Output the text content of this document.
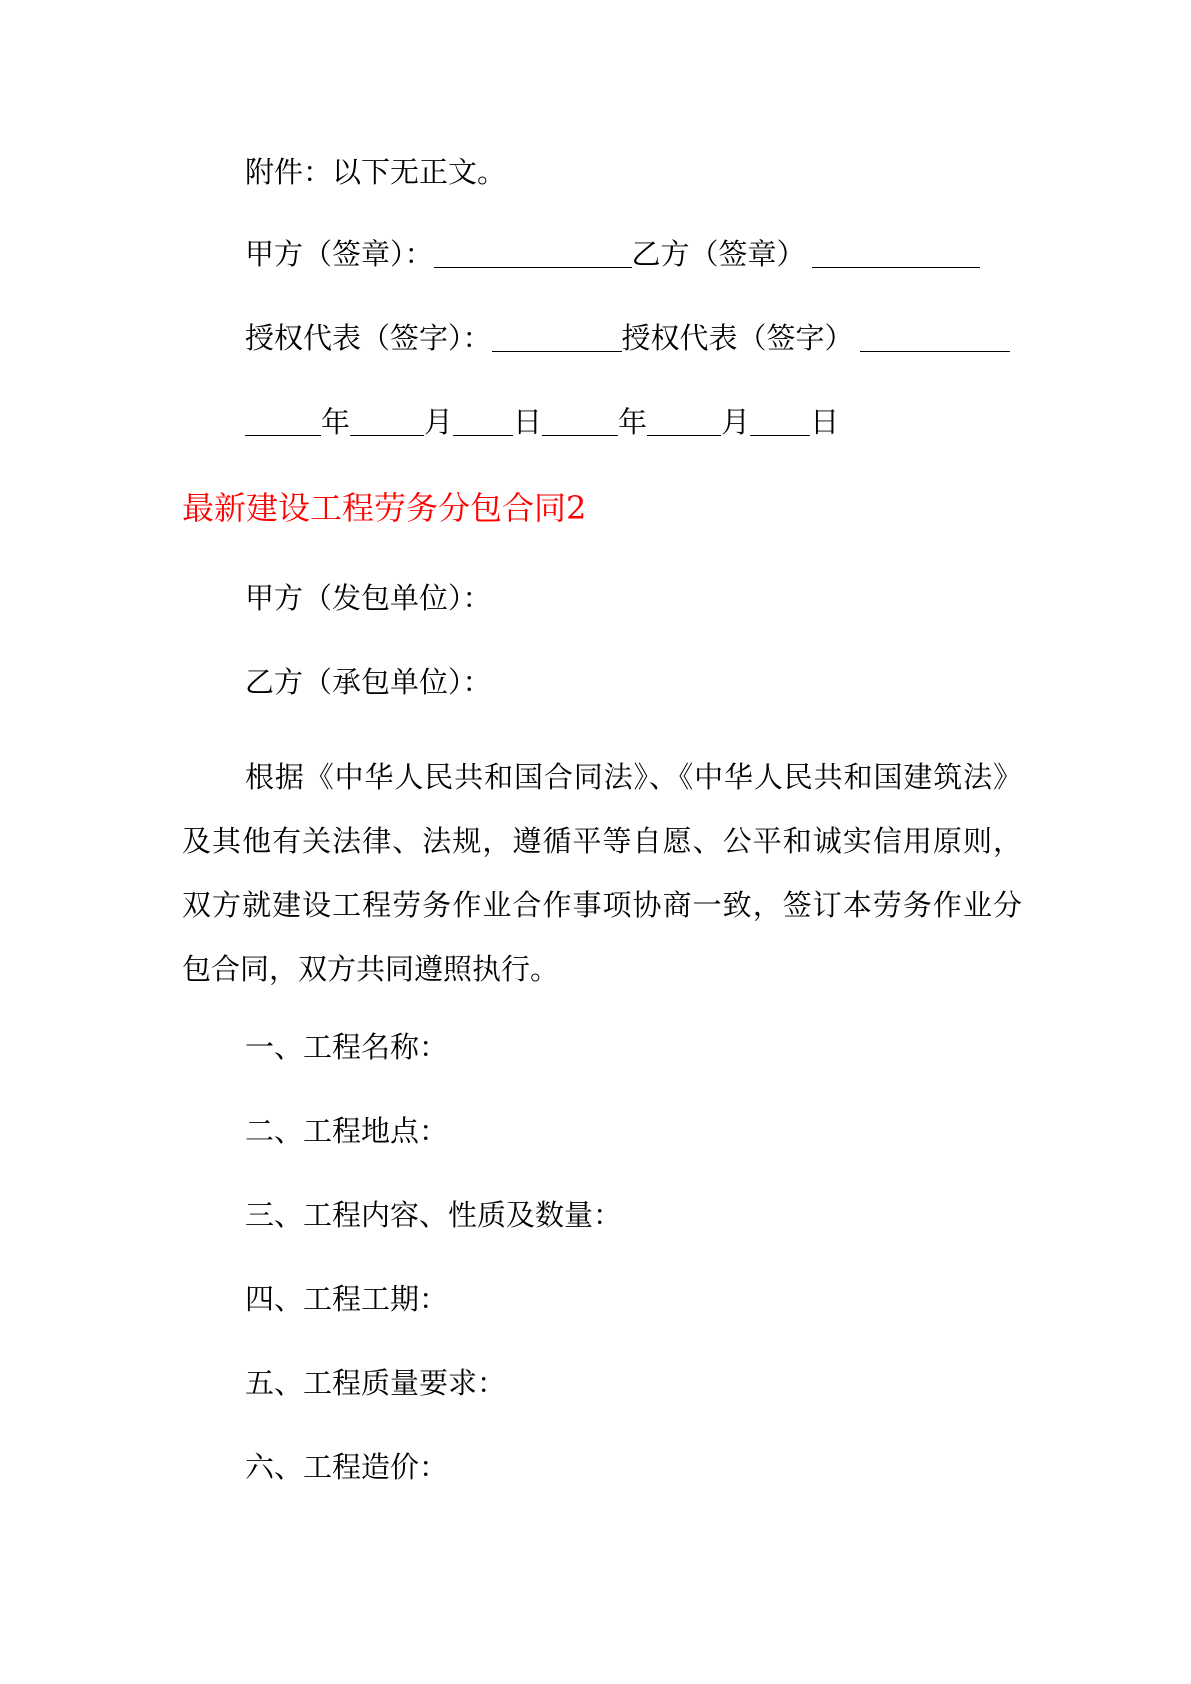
附件：以下无正文。
甲方（签章）：	乙方（签章）
授权代表（签字）：	授权代表（签字）
年	月 日	年	月 日
最新建设工程劳务分包合同2
甲方（发包单位）：
乙方（承包单位）：
根据《中华人民共和国合同法》、《中华人民共和国建筑法》及其他有关法律、法规，遵循平等自愿、公平和诚实信用原则，双方就建设工程劳务作业合作事项协商一致，签订本劳务作业分包合同，双方共同遵照执行。
一、工程名称：
二、工程地点：
三、工程内容、性质及数量：
四、工程工期：
五、工程质量要求：
六、工程造价：
